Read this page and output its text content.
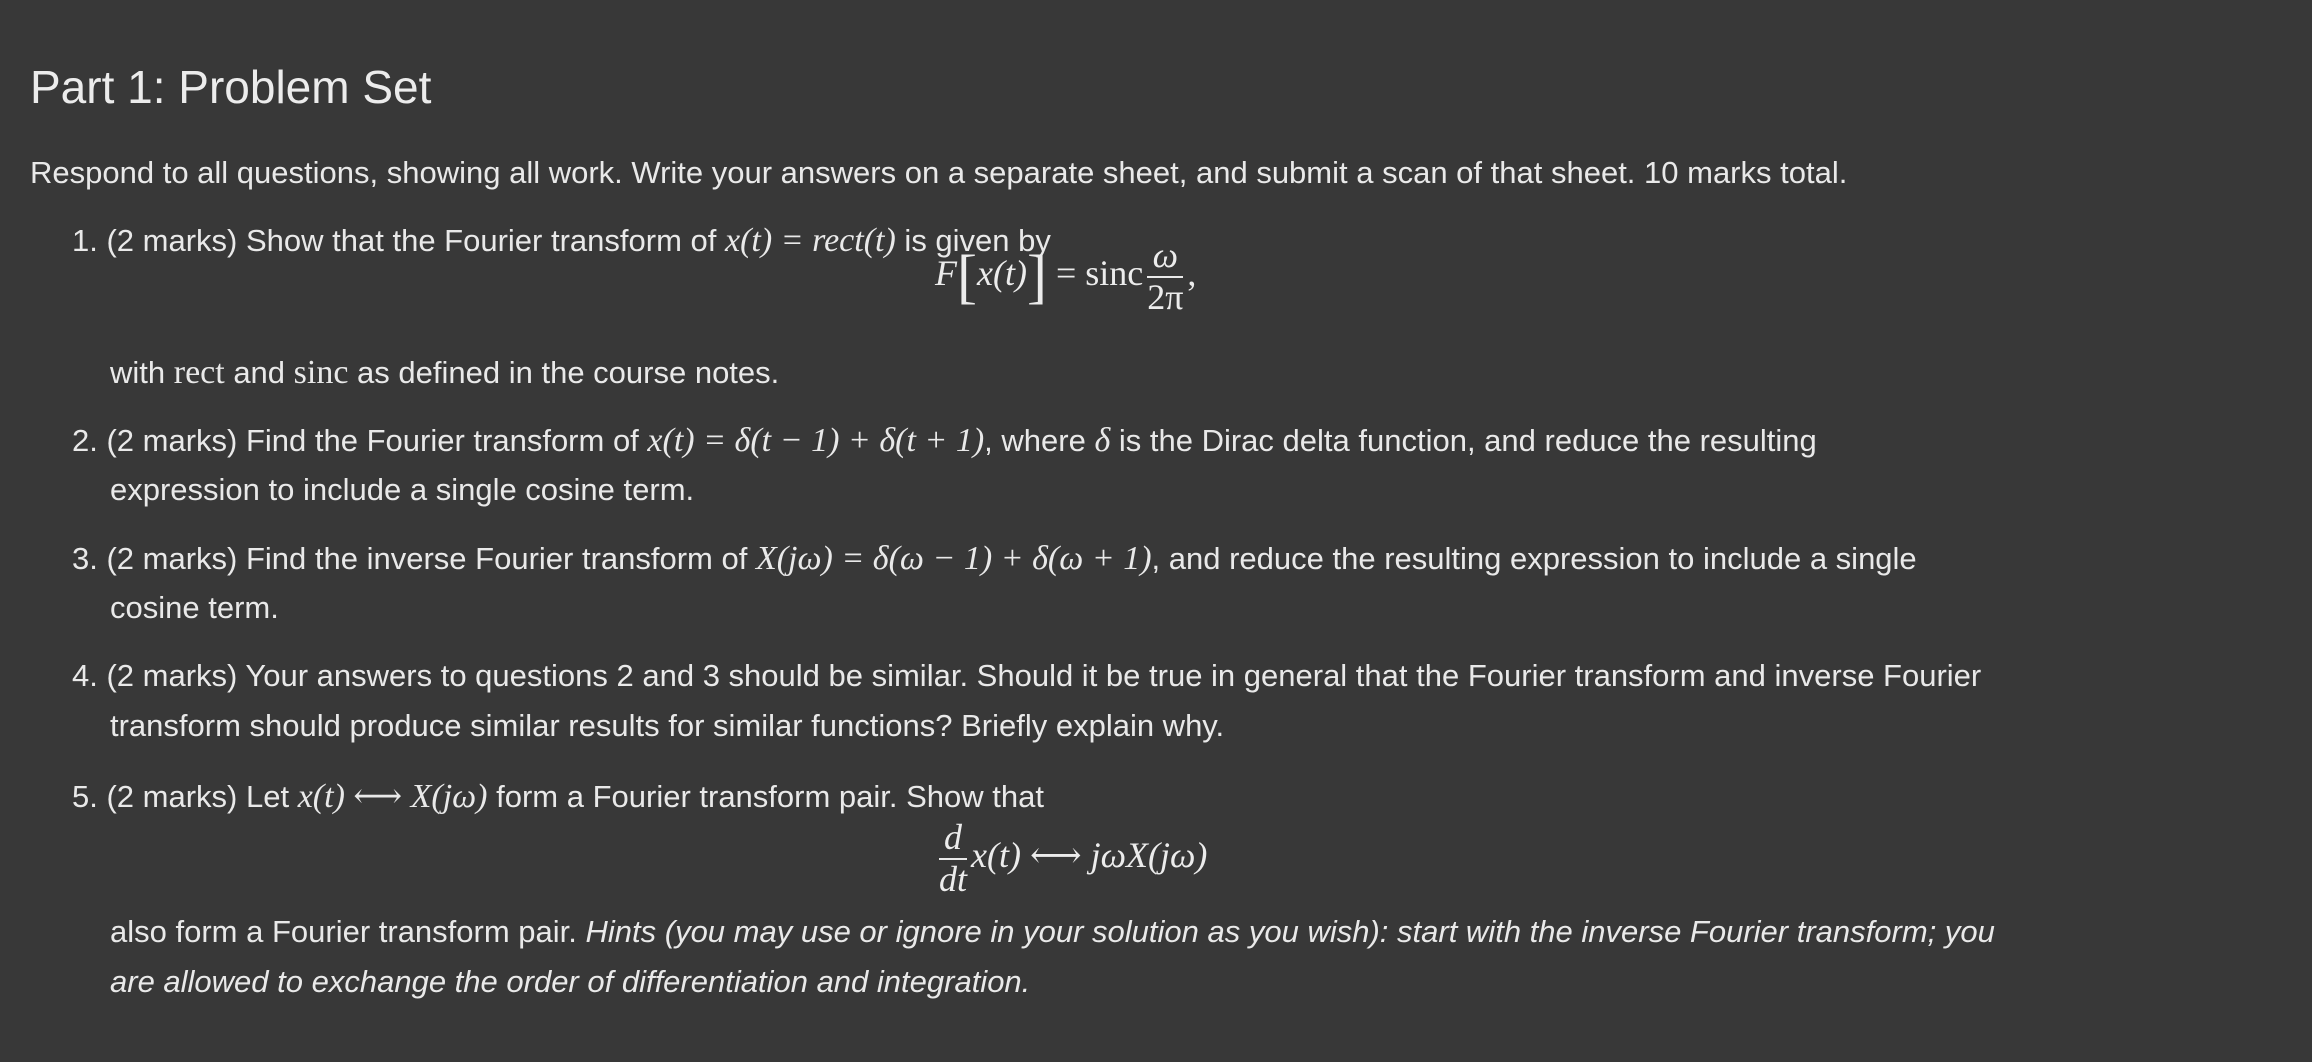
Part 1: Problem Set
Respond to all questions, showing all work. Write your answers on a separate sheet, and submit a scan of that sheet. 10 marks total.
1. (2 marks) Show that the Fourier transform of x(t) = rect(t) is given by
F[x(t)] = sinc $\frac{\omega}{2\pi}$ ,
with rect and sinc as defined in the course notes.
2. (2 marks) Find the Fourier transform of x(t) = δ(t − 1) + δ(t + 1), where δ is the Dirac delta function, and reduce the resulting
expression to include a single cosine term.
3. (2 marks) Find the inverse Fourier transform of X(jω) = δ(ω − 1) + δ(ω + 1), and reduce the resulting expression to include a single
cosine term.
4. (2 marks) Your answers to questions 2 and 3 should be similar. Should it be true in general that the Fourier transform and inverse Fourier
transform should produce similar results for similar functions? Briefly explain why.
5. (2 marks) Let x(t) ⟷ X(jω) form a Fourier transform pair. Show that
$\frac{d}{dt} x(t)$ ⟷ jωX(jω)
also form a Fourier transform pair. Hints (you may use or ignore in your solution as you wish): start with the inverse Fourier transform; you
are allowed to exchange the order of differentiation and integration.
